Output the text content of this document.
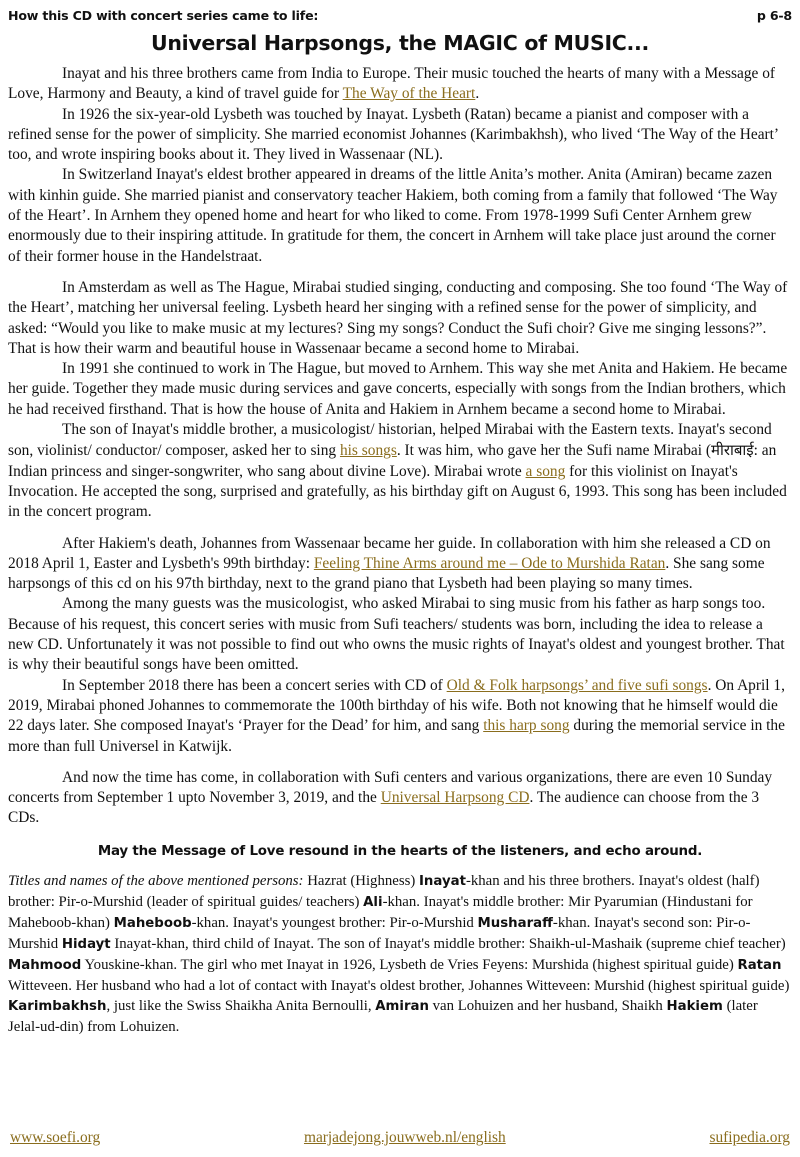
How this CD with concert series came to life:	p 6-8
Universal Harpsongs, the MAGIC of MUSIC...

Inayat and his three brothers came from India to Europe. Their music touched the hearts of many with a Message of Love, Harmony and Beauty, a kind of travel guide for The Way of the Heart.

In 1926 the six-year-old Lysbeth was touched by Inayat. Lysbeth (Ratan) became a pianist and composer with a refined sense for the power of simplicity. She married economist Johannes (Karimbakhsh), who lived ‘The Way of the Heart’ too, and wrote inspiring books about it. They lived in Wassenaar (NL).

In Switzerland Inayat's eldest brother appeared in dreams of the little Anita’s mother. Anita (Amiran) became zazen with kinhin guide. She married pianist and conservatory teacher Hakiem, both coming from a family that followed ‘The Way of the Heart’. In Arnhem they opened home and heart for who liked to come. From 1978-1999 Sufi Center Arnhem grew enormously due to their inspiring attitude. In gratitude for them, the concert in Arnhem will take place just around the corner of their former house in the Handelstraat.

In Amsterdam as well as The Hague, Mirabai studied singing, conducting and composing. She too found ‘The Way of the Heart’, matching her universal feeling. Lysbeth heard her singing with a refined sense for the power of simplicity, and asked: “Would you like to make music at my lectures? Sing my songs? Conduct the Sufi choir? Give me singing lessons?”. That is how their warm and beautiful house in Wassenaar became a second home to Mirabai.

In 1991 she continued to work in The Hague, but moved to Arnhem. This way she met Anita and Hakiem. He became her guide. Together they made music during services and gave concerts, especially with songs from the Indian brothers, which he had received firsthand. That is how the house of Anita and Hakiem in Arnhem became a second home to Mirabai.

The son of Inayat's middle brother, a musicologist/ historian, helped Mirabai with the Eastern texts. Inayat's second son, violinist/ conductor/ composer, asked her to sing his songs. It was him, who gave her the Sufi name Mirabai (मीराबाई: an Indian princess and singer-songwriter, who sang about divine Love). Mirabai wrote a song for this violinist on Inayat's Invocation. He accepted the song, surprised and gratefully, as his birthday gift on August 6, 1993. This song has been included in the concert program.

After Hakiem's death, Johannes from Wassenaar became her guide. In collaboration with him she released a CD on 2018 April 1, Easter and Lysbeth's 99th birthday: Feeling Thine Arms around me – Ode to Murshida Ratan. She sang some harpsongs of this cd on his 97th birthday, next to the grand piano that Lysbeth had been playing so many times.

Among the many guests was the musicologist, who asked Mirabai to sing music from his father as harp songs too. Because of his request, this concert series with music from Sufi teachers/ students was born, including the idea to release a new CD. Unfortunately it was not possible to find out who owns the music rights of Inayat's oldest and youngest brother. That is why their beautiful songs have been omitted.

In September 2018 there has been a concert series with CD of Old & Folk harpsongs’ and five sufi songs. On April 1, 2019, Mirabai phoned Johannes to commemorate the 100th birthday of his wife. Both not knowing that he himself would die 22 days later. She composed Inayat's ‘Prayer for the Dead’ for him, and sang this harp song during the memorial service in the more than full Universel in Katwijk.

And now the time has come, in collaboration with Sufi centers and various organizations, there are even 10 Sunday concerts from September 1 upto November 3, 2019, and the Universal Harpsong CD. The audience can choose from the 3 CDs.

May the Message of Love resound in the hearts of the listeners, and echo around.

Titles and names of the above mentioned persons: Hazrat (Highness) Inayat-khan and his three brothers. Inayat's oldest (half) brother: Pir-o-Murshid (leader of spiritual guides/ teachers) Ali-khan. Inayat's middle brother: Mir Pyarumian (Hindustani for Maheboob-khan) Maheboob-khan. Inayat's youngest brother: Pir-o-Murshid Musharaff-khan. Inayat's second son: Pir-o-Murshid Hidayt Inayat-khan, third child of Inayat. The son of Inayat's middle brother: Shaikh-ul-Mashaik (supreme chief teacher) Mahmood Youskine-khan. The girl who met Inayat in 1926, Lysbeth de Vries Feyens: Murshida (highest spiritual guide) Ratan Witteveen. Her husband who had a lot of contact with Inayat's oldest brother, Johannes Witteveen: Murshid (highest spiritual guide) Karimbakhsh, just like the Swiss Shaikha Anita Bernoulli, Amiran van Lohuizen and her husband, Shaikh Hakiem (later Jelal-ud-din) from Lohuizen.

www.soefi.org	marjadejong.jouwweb.nl/english	sufipedia.org
